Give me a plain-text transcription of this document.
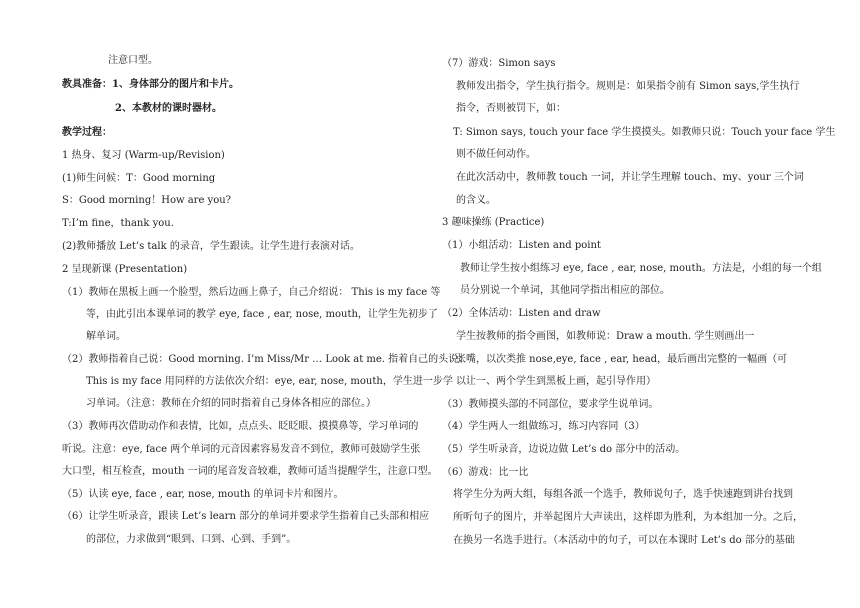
注意口型。
教具准备：1、身体部分的图片和卡片。
2、本教材的课时器材。
教学过程：
1 热身、复习 (Warm-up/Revision)
(1)师生问候：T：Good morning
S：Good morning！How are you?
T:I’m fine，thank you.
(2)教师播放 Let’s talk 的录音，学生跟读。让学生进行表演对话。
2 呈现新课 (Presentation)
（1）教师在黑板上画一个脸型，然后边画上鼻子，自己介绍说： This is my face 等
等，由此引出本课单词的教学 eye, face , ear, nose, mouth，让学生先初步了
解单词。
（2）教师指着自己说：Good morning. I’m Miss/Mr … Look at me. 指着自己的头说：
This is my face 用同样的方法依次介绍：eye, ear, nose, mouth，学生进一步学
习单词。（注意：教师在介绍的同时指着自己身体各相应的部位。）
（3）教师再次借助动作和表情，比如，点点头、眨眨眼、摸摸鼻等，学习单词的
听说。注意：eye, face 两个单词的元音因素容易发音不到位，教师可鼓励学生张
大口型，相互检查，mouth 一词的尾音发音较难，教师可适当提醒学生，注意口型。
（5）认读 eye, face , ear, nose, mouth 的单词卡片和图片。
（6）让学生听录音，跟读 Let’s learn 部分的单词并要求学生指着自己头部和相应
的部位，力求做到“眼到、口到、心到、手到”。
（7）游戏：Simon says
教师发出指令，学生执行指令。规则是：如果指令前有 Simon says,学生执行
指令，否则被罚下，如：
T: Simon says, touch your face 学生摸摸头。如教师只说：Touch your face 学生
则不做任何动作。
在此次活动中，教师教 touch 一词，并让学生理解 touch、my、your 三个词
的含义。
3 趣味操练 (Practice)
（1）小组活动：Listen and point
教师让学生按小组练习 eye, face , ear, nose, mouth。方法是，小组的每一个组
员分别说一个单词，其他同学指出相应的部位。
（2）全体活动：Listen and draw
学生按教师的指令画图，如教师说：Draw a mouth. 学生则画出一
张嘴，以次类推 nose,eye, face , ear, head，最后画出完整的一幅画（可
以让一、两个学生到黑板上画，起引导作用）
（3）教师摸头部的不同部位，要求学生说单词。
（4）学生两人一组做练习，练习内容同（3）
（5）学生听录音，边说边做 Let’s do 部分中的活动。
（6）游戏：比一比
将学生分为两大组，每组各派一个选手，教师说句子，选手快速跑到讲台找到
所听句子的图片，并举起图片大声读出，这样即为胜利，为本组加一分。之后，
在换另一名选手进行。（本活动中的句子，可以在本课时 Let’s do 部分的基础
